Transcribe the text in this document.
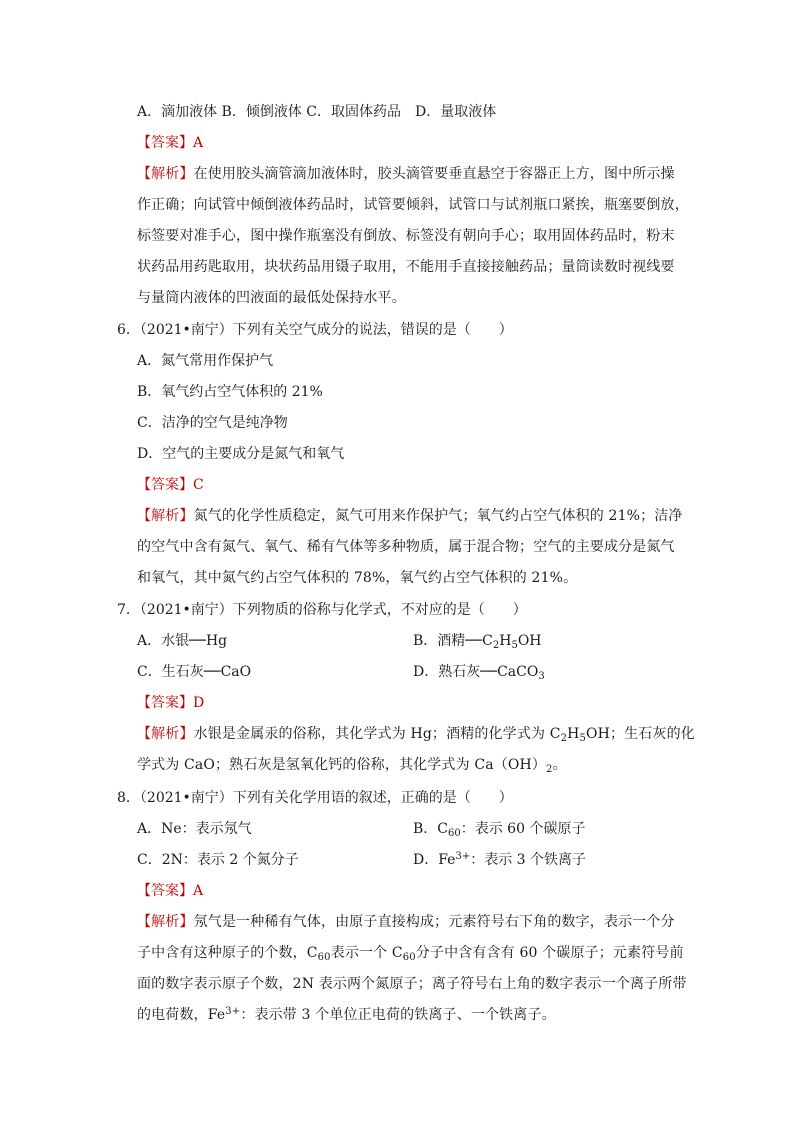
A．滴加液体 B．倾倒液体 C．取固体药品　D．量取液体
【答案】A
【解析】在使用胶头滴管滴加液体时，胶头滴管要垂直悬空于容器正上方，图中所示操
作正确；向试管中倾倒液体药品时，试管要倾斜，试管口与试剂瓶口紧挨，瓶塞要倒放，
标签要对准手心，图中操作瓶塞没有倒放、标签没有朝向手心；取用固体药品时，粉末
状药品用药匙取用，块状药品用镊子取用，不能用手直接接触药品；量筒读数时视线要
与量筒内液体的凹液面的最低处保持水平。
6．（2021•南宁）下列有关空气成分的说法，错误的是（　　）
A．氮气常用作保护气
B．氧气约占空气体积的 21%
C．洁净的空气是纯净物
D．空气的主要成分是氮气和氧气
【答案】C
【解析】氮气的化学性质稳定，氮气可用来作保护气；氧气约占空气体积的 21%；洁净
的空气中含有氮气、氧气、稀有气体等多种物质，属于混合物；空气的主要成分是氮气
和氧气，其中氮气约占空气体积的 78%，氧气约占空气体积的 21%。
7．（2021•南宁）下列物质的俗称与化学式，不对应的是（　　）
A．水银──Hg	B．酒精$──C_2H_5OH$
C．生石灰──CaO	D．熟石灰──CaCO$_3$
【答案】D
【解析】水银是金属汞的俗称，其化学式为 Hg；酒精的化学式为 $C_2H_5OH$；生石灰的化
学式为 CaO；熟石灰是氢氧化钙的俗称，其化学式为 $Ca(OH)_2$。
8．（2021•南宁）下列有关化学用语的叙述，正确的是（　　）
A．Ne：表示氖气	B．$C_{60}$：表示 60 个碳原子
C．2N：表示 2 个氮分子	D．$Fe^{3+}$：表示 3 个铁离子
【答案】A
【解析】氖气是一种稀有气体，由原子直接构成；元素符号右下角的数字，表示一个分
子中含有这种原子的个数，$C_{60}$表示一个 $C_{60}$分子中含有含有 60 个碳原子；元素符号前
面的数字表示原子个数，2N 表示两个氮原子；离子符号右上角的数字表示一个离子所带
的电荷数，$Fe^{3+}$：表示带 3 个单位正电荷的铁离子、一个铁离子。
